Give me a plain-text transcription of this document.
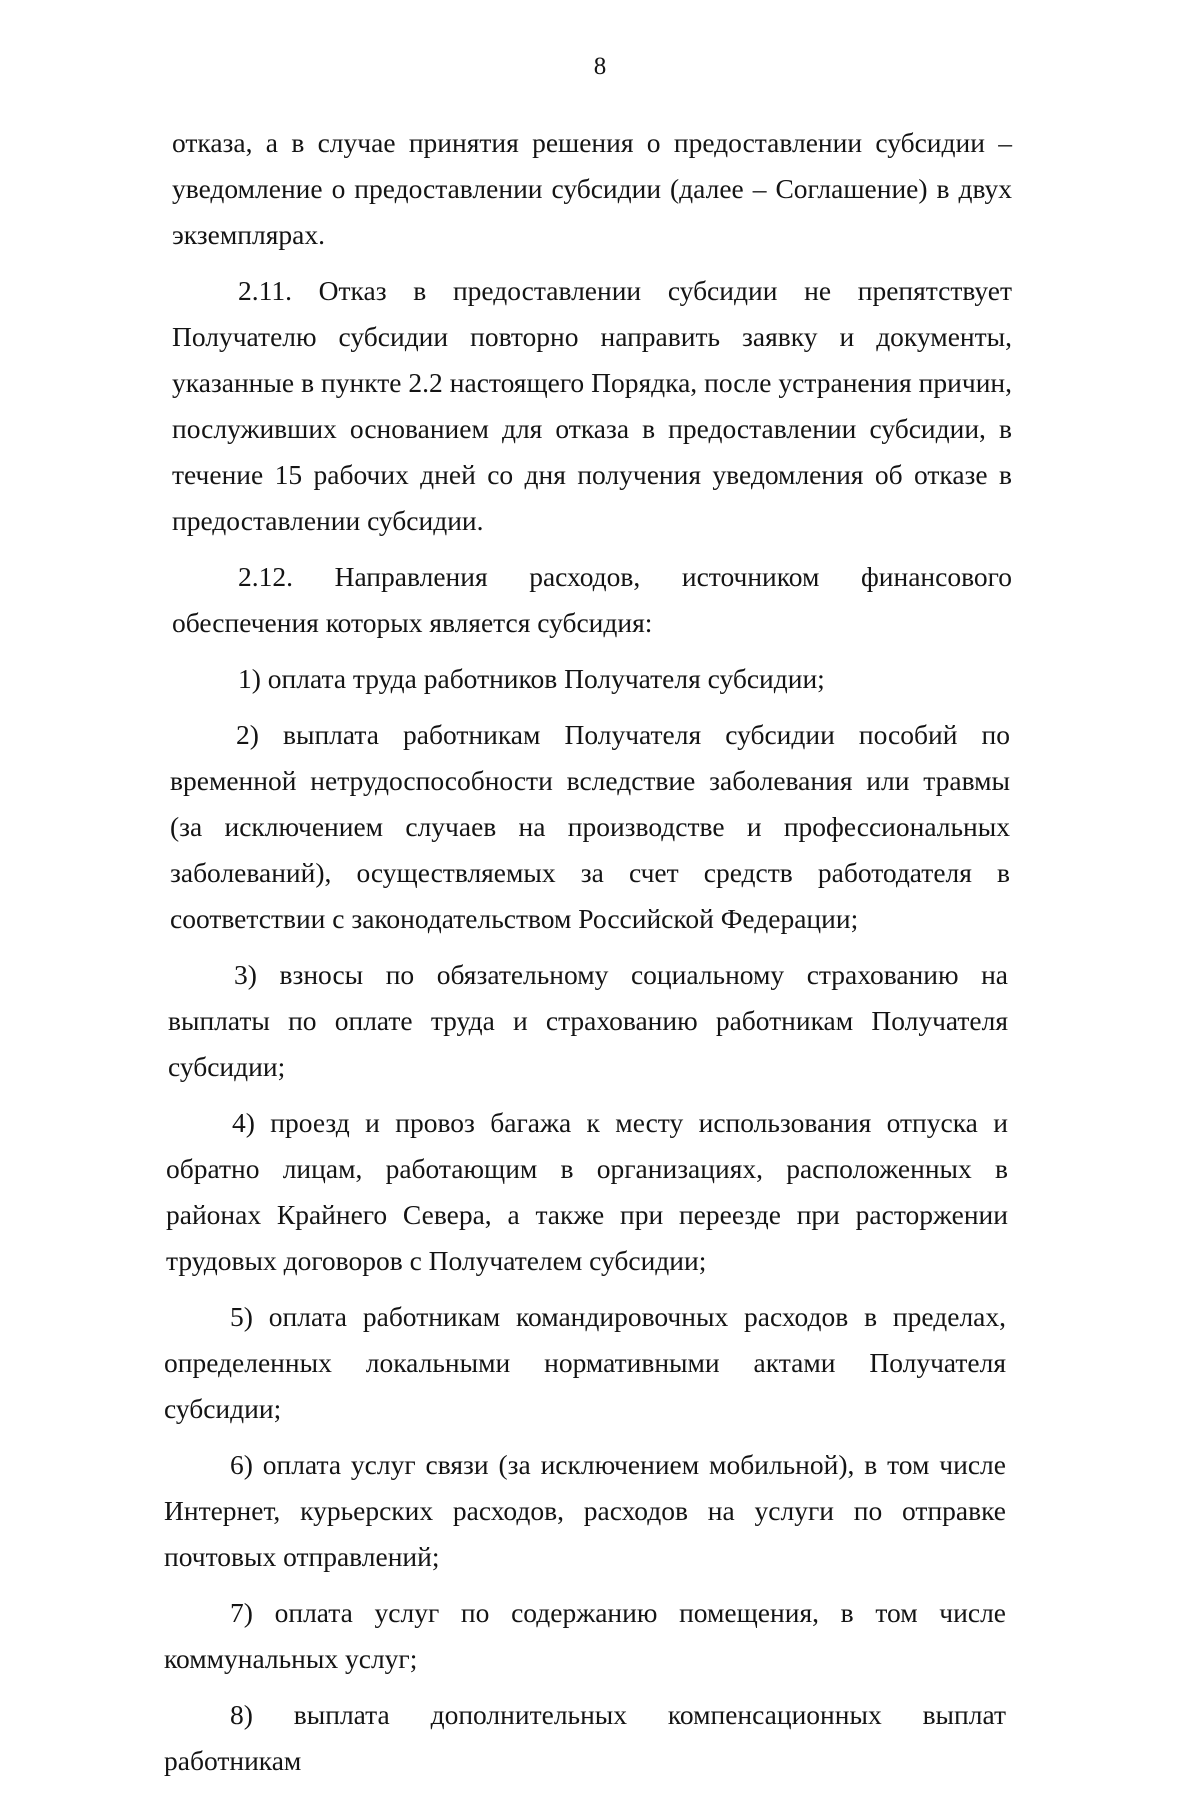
8

отказа, а в случае принятия решения о предоставлении субсидии – уведомление о предоставлении субсидии (далее – Соглашение) в двух экземплярах.

2.11. Отказ в предоставлении субсидии не препятствует Получателю субсидии повторно направить заявку и документы, указанные в пункте 2.2 настоящего Порядка, после устранения причин, послуживших основанием для отказа в предоставлении субсидии, в течение 15 рабочих дней со дня получения уведомления об отказе в предоставлении субсидии.

2.12. Направления расходов, источником финансового обеспечения которых является субсидия:

1) оплата труда работников Получателя субсидии;

2) выплата работникам Получателя субсидии пособий по временной нетрудоспособности вследствие заболевания или травмы (за исключением случаев на производстве и профессиональных заболеваний), осуществляемых за счет средств работодателя в соответствии с законодательством Российской Федерации;

3) взносы по обязательному социальному страхованию на выплаты по оплате труда и страхованию работникам Получателя субсидии;

4) проезд и провоз багажа к месту использования отпуска и обратно лицам, работающим в организациях, расположенных в районах Крайнего Севера, а также при переезде при расторжении трудовых договоров с Получателем субсидии;

5) оплата работникам командировочных расходов в пределах, определенных локальными нормативными актами Получателя субсидии;

6) оплата услуг связи (за исключением мобильной), в том числе Интернет, курьерских расходов, расходов на услуги по отправке почтовых отправлений;

7) оплата услуг по содержанию помещения, в том числе коммунальных услуг;

8) выплата дополнительных компенсационных выплат работникам
